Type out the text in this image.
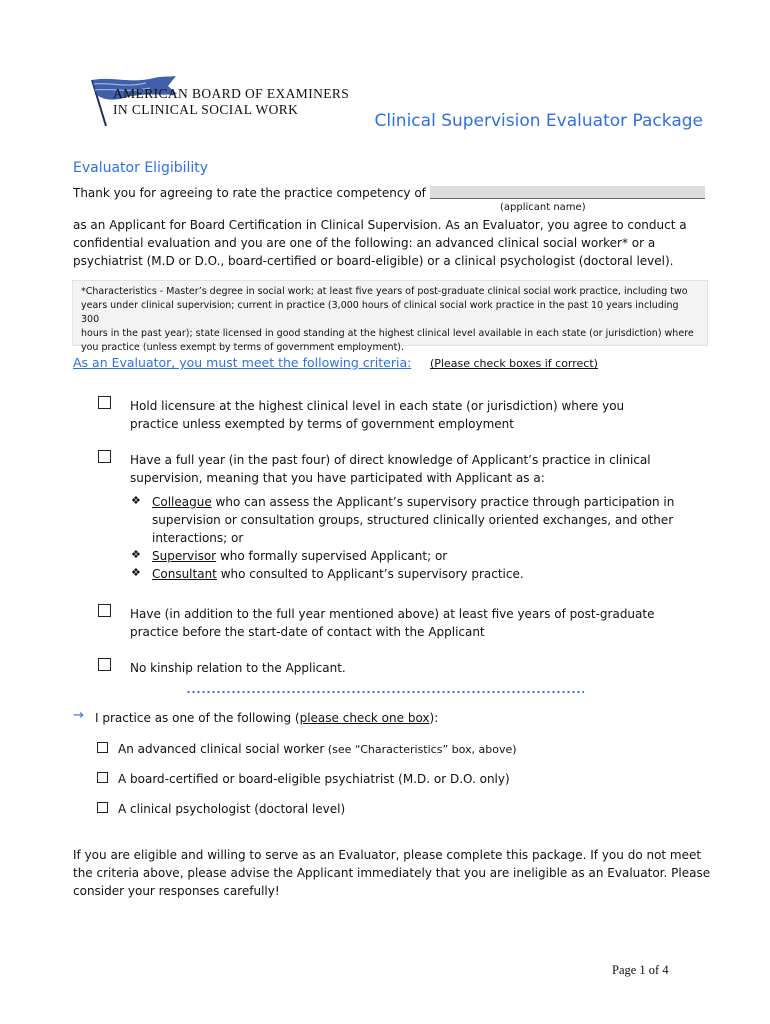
AMERICAN BOARD OF EXAMINERS
IN CLINICAL SOCIAL WORK
Clinical Supervision Evaluator Package
Evaluator Eligibility
Thank you for agreeing to rate the practice competency of
(applicant name)
as an Applicant for Board Certification in Clinical Supervision. As an Evaluator, you agree to conduct a
confidential evaluation and you are one of the following: an advanced clinical social worker* or a
psychiatrist (M.D or D.O., board-certified or board-eligible) or a clinical psychologist (doctoral level).
*Characteristics - Master’s degree in social work; at least five years of post-graduate clinical social work practice, including two
years under clinical supervision; current in practice (3,000 hours of clinical social work practice in the past 10 years including 300
hours in the past year); state licensed in good standing at the highest clinical level available in each state (or jurisdiction) where
you practice (unless exempt by terms of government employment).
As an Evaluator, you must meet the following criteria: (Please check boxes if correct)
Hold licensure at the highest clinical level in each state (or jurisdiction) where you
practice unless exempted by terms of government employment
Have a full year (in the past four) of direct knowledge of Applicant’s practice in clinical
supervision, meaning that you have participated with Applicant as a:
❖ Colleague who can assess the Applicant’s supervisory practice through participation in
supervision or consultation groups, structured clinically oriented exchanges, and other
interactions; or
❖ Supervisor who formally supervised Applicant; or
❖ Consultant who consulted to Applicant’s supervisory practice.
Have (in addition to the full year mentioned above) at least five years of post-graduate
practice before the start-date of contact with the Applicant
No kinship relation to the Applicant.
→ I practice as one of the following (please check one box):
An advanced clinical social worker (see “Characteristics” box, above)
A board-certified or board-eligible psychiatrist (M.D. or D.O. only)
A clinical psychologist (doctoral level)
If you are eligible and willing to serve as an Evaluator, please complete this package. If you do not meet
the criteria above, please advise the Applicant immediately that you are ineligible as an Evaluator. Please
consider your responses carefully!
Page 1 of 4
